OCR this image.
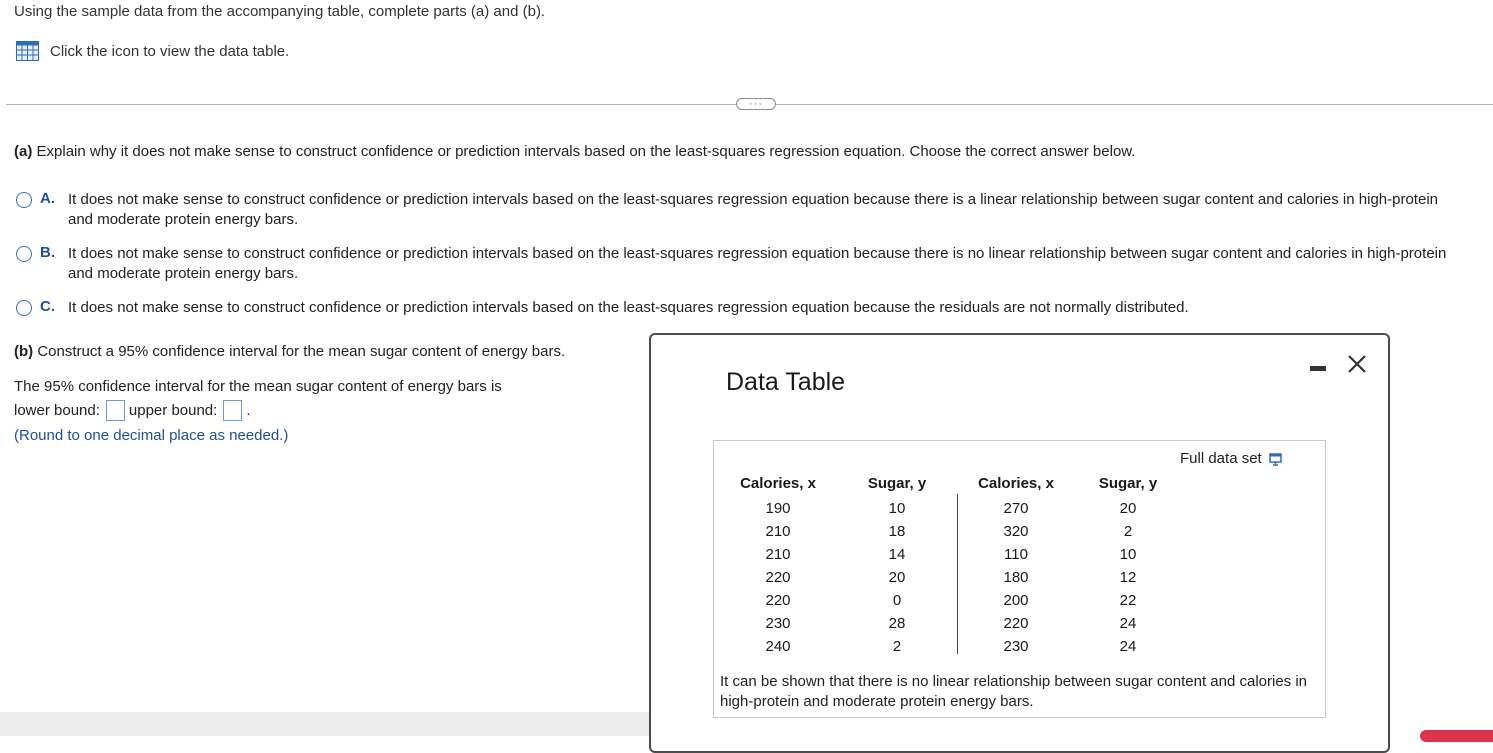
Using the sample data from the accompanying table, complete parts (a) and (b).
Click the icon to view the data table.
···
(a) Explain why it does not make sense to construct confidence or prediction intervals based on the least-squares regression equation. Choose the correct answer below.
A. It does not make sense to construct confidence or prediction intervals based on the least-squares regression equation because there is a linear relationship between sugar content and calories in high-protein and moderate protein energy bars.
B. It does not make sense to construct confidence or prediction intervals based on the least-squares regression equation because there is no linear relationship between sugar content and calories in high-protein and moderate protein energy bars.
C. It does not make sense to construct confidence or prediction intervals based on the least-squares regression equation because the residuals are not normally distributed.
(b) Construct a 95% confidence interval for the mean sugar content of energy bars.
The 95% confidence interval for the mean sugar content of energy bars is
lower bound: upper bound: .
(Round to one decimal place as needed.)
Data Table
Full data set
Calories, x
190
210
210
220
220
230
240
Sugar, y
10
18
14
20
0
28
2
Calories, x
270
320
110
180
200
220
230
Sugar, y
20
2
10
12
22
24
24
It can be shown that there is no linear relationship between sugar content and calories in high-protein and moderate protein energy bars.
